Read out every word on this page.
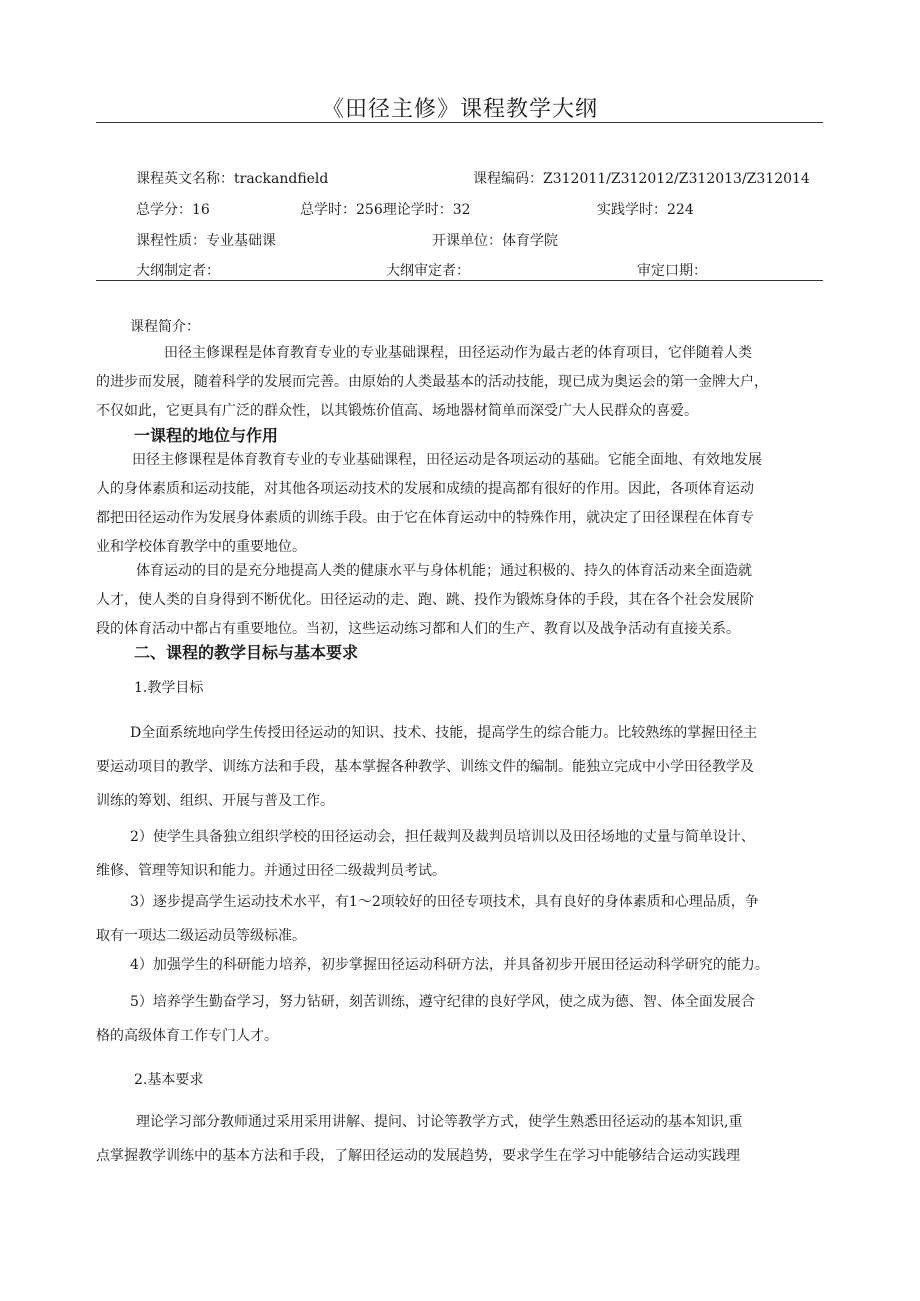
《田径主修》课程教学大纲
课程英文名称：trackandfield	课程编码：Z312011/Z312012/Z312013/Z312014
总学分：16	总学时：256理论学时：32	实践学时：224
课程性质：专业基础课	开课单位：体育学院
大纲制定者：	大纲审定者：	审定口期：
课程简介：
田径主修课程是体育教育专业的专业基础课程，田径运动作为最古老的体育项目，它伴随着人类
的进步而发展，随着科学的发展而完善。由原始的人类最基本的活动技能，现已成为奥运会的第一金牌大户，
不仅如此，它更具有广泛的群众性，以其锻炼价值高、场地器材简单而深受广大人民群众的喜爱。
一课程的地位与作用
田径主修课程是体育教育专业的专业基础课程，田径运动是各项运动的基础。它能全面地、有效地发展
人的身体素质和运动技能，对其他各项运动技术的发展和成绩的提高都有很好的作用。因此，各项体育运动
都把田径运动作为发展身体素质的训练手段。由于它在体育运动中的特殊作用，就决定了田径课程在体育专
业和学校体育教学中的重要地位。
体育运动的目的是充分地提高人类的健康水平与身体机能；通过积极的、持久的体育活动来全面造就
人才，使人类的自身得到不断优化。田径运动的走、跑、跳、投作为锻炼身体的手段，其在各个社会发展阶
段的体育活动中都占有重要地位。当初，这些运动练习都和人们的生产、教育以及战争活动有直接关系。
二、课程的教学目标与基本要求
1.教学目标
D全面系统地向学生传授田径运动的知识、技术、技能，提高学生的综合能力。比较熟练的掌握田径主
要运动项目的教学、训练方法和手段，基本掌握各种教学、训练文件的编制。能独立完成中小学田径教学及
训练的筹划、组织、开展与普及工作。
2）使学生具备独立组织学校的田径运动会，担任裁判及裁判员培训以及田径场地的丈量与简单设计、
维修、管理等知识和能力。并通过田径二级裁判员考试。
3）逐步提高学生运动技术水平，有1～2项较好的田径专项技术，具有良好的身体素质和心理品质，争
取有一项达二级运动员等级标准。
4）加强学生的科研能力培养，初步掌握田径运动科研方法，并具备初步开展田径运动科学研究的能力。
5）培养学生勤奋学习，努力钻研，刻苦训练，遵守纪律的良好学风，使之成为德、智、体全面发展合
格的高级体育工作专门人才。
2.基本要求
理论学习部分教师通过采用采用讲解、提问、讨论等教学方式，使学生熟悉田径运动的基本知识,重
点掌握教学训练中的基本方法和手段，了解田径运动的发展趋势，要求学生在学习中能够结合运动实践理
